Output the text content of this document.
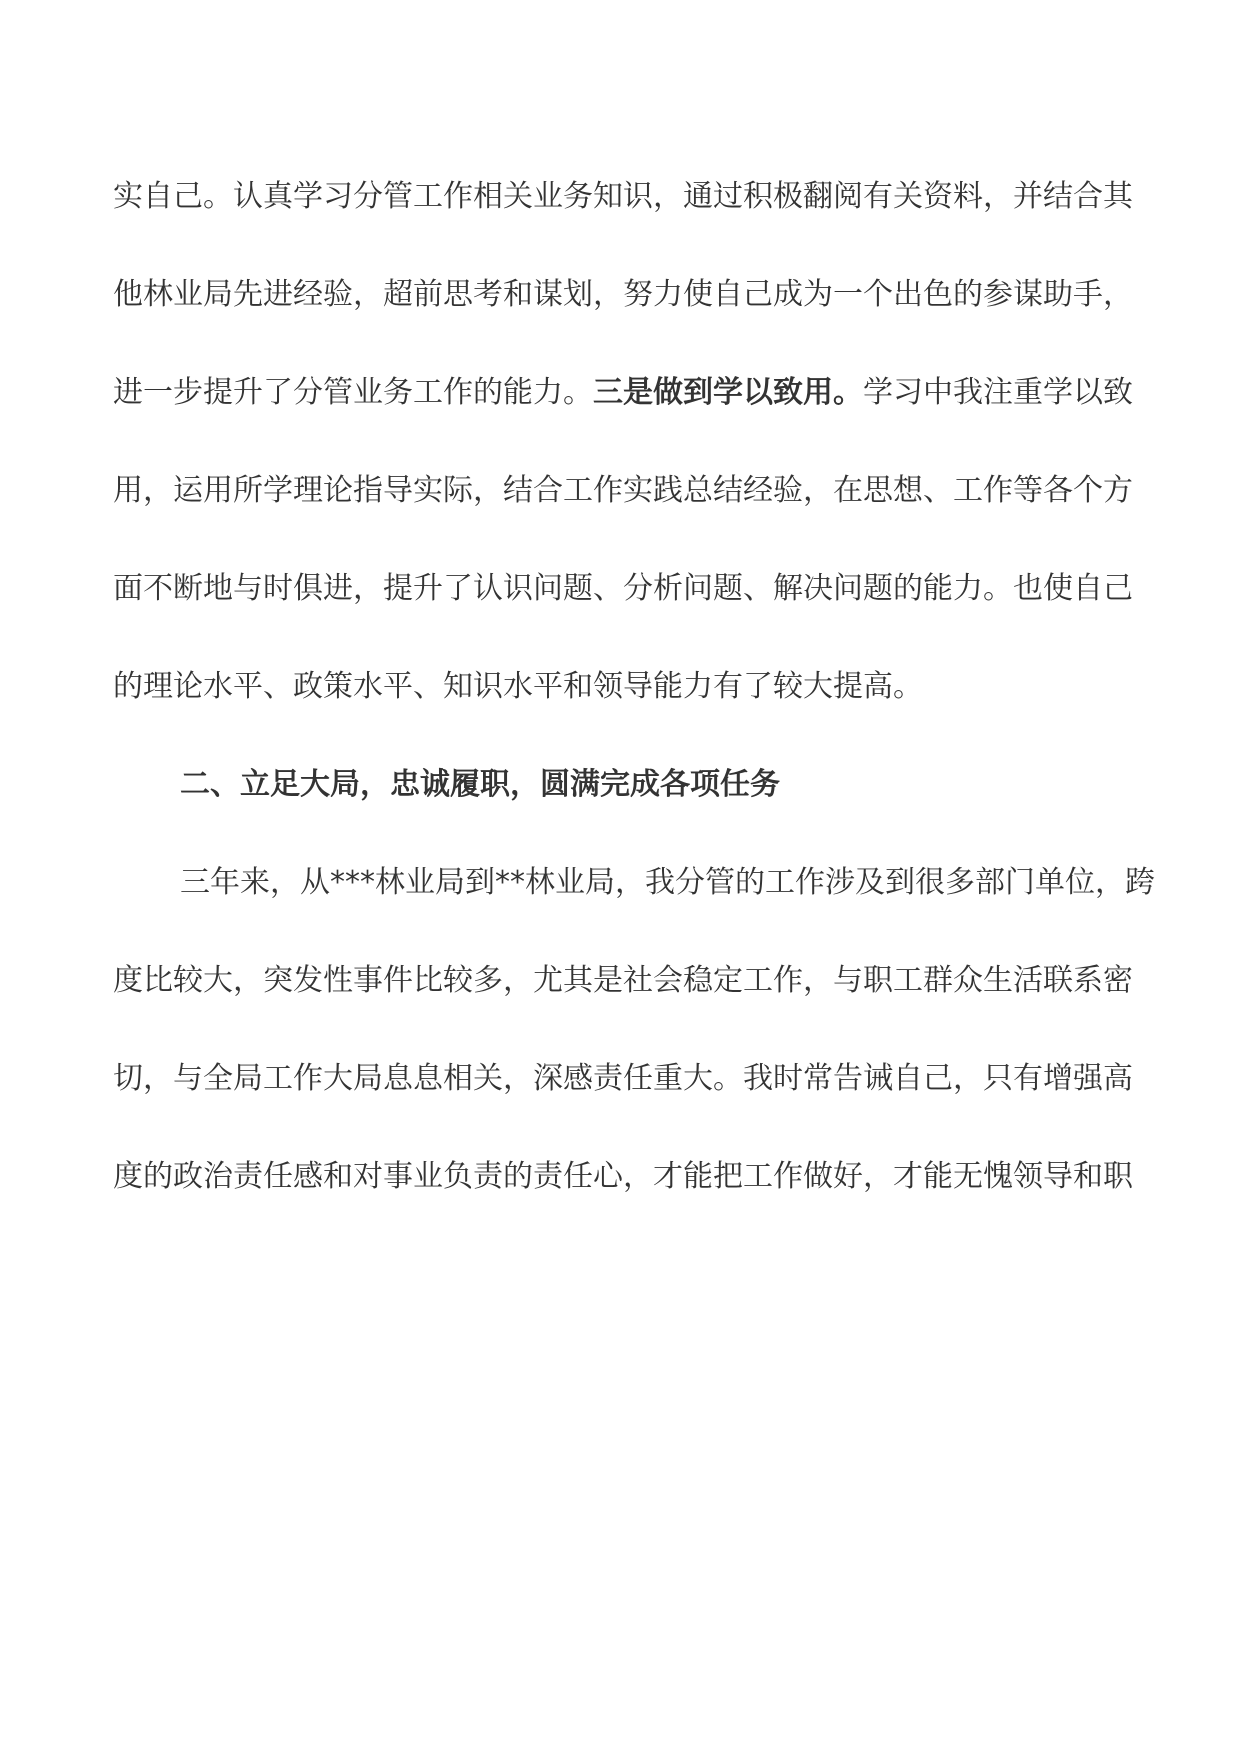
实自己。认真学习分管工作相关业务知识，通过积极翻阅有关资料，并结合其
他林业局先进经验，超前思考和谋划，努力使自己成为一个出色的参谋助手，
进一步提升了分管业务工作的能力。三是做到学以致用。学习中我注重学以致
用，运用所学理论指导实际，结合工作实践总结经验，在思想、工作等各个方
面不断地与时俱进，提升了认识问题、分析问题、解决问题的能力。也使自己
的理论水平、政策水平、知识水平和领导能力有了较大提高。
二、立足大局，忠诚履职，圆满完成各项任务
三年来，从***林业局到**林业局，我分管的工作涉及到很多部门单位，跨
度比较大，突发性事件比较多，尤其是社会稳定工作，与职工群众生活联系密
切，与全局工作大局息息相关，深感责任重大。我时常告诫自己，只有增强高
度的政治责任感和对事业负责的责任心，才能把工作做好，才能无愧领导和职
